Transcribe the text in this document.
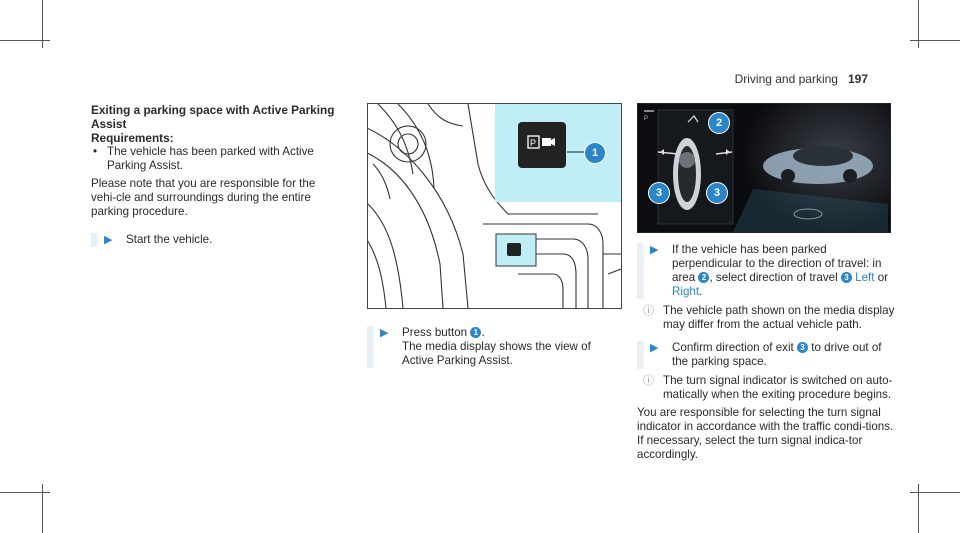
Driving and parking 197
Exiting a parking space with Active Parking Assist
Requirements:
• The vehicle has been parked with Active Parking Assist.

Please note that you are responsible for the vehi-cle and surroundings during the entire parking procedure.

▶	Start the vehicle.
P
1
▶	Press button 1 .
The media display shows the view of Active Parking Assist.
P	2
3	3
▶	If the vehicle has been parked perpendicular to the direction of travel: in area 2 , select direction of travel 3 Left or Right.
ⓘ The vehicle path shown on the media display may differ from the actual vehicle path.
▶	Confirm direction of exit 3 to drive out of the parking space.
ⓘ The turn signal indicator is switched on auto-matically when the exiting procedure begins.

You are responsible for selecting the turn signal indicator in accordance with the traffic condi-tions. If necessary, select the turn signal indica-tor accordingly.
